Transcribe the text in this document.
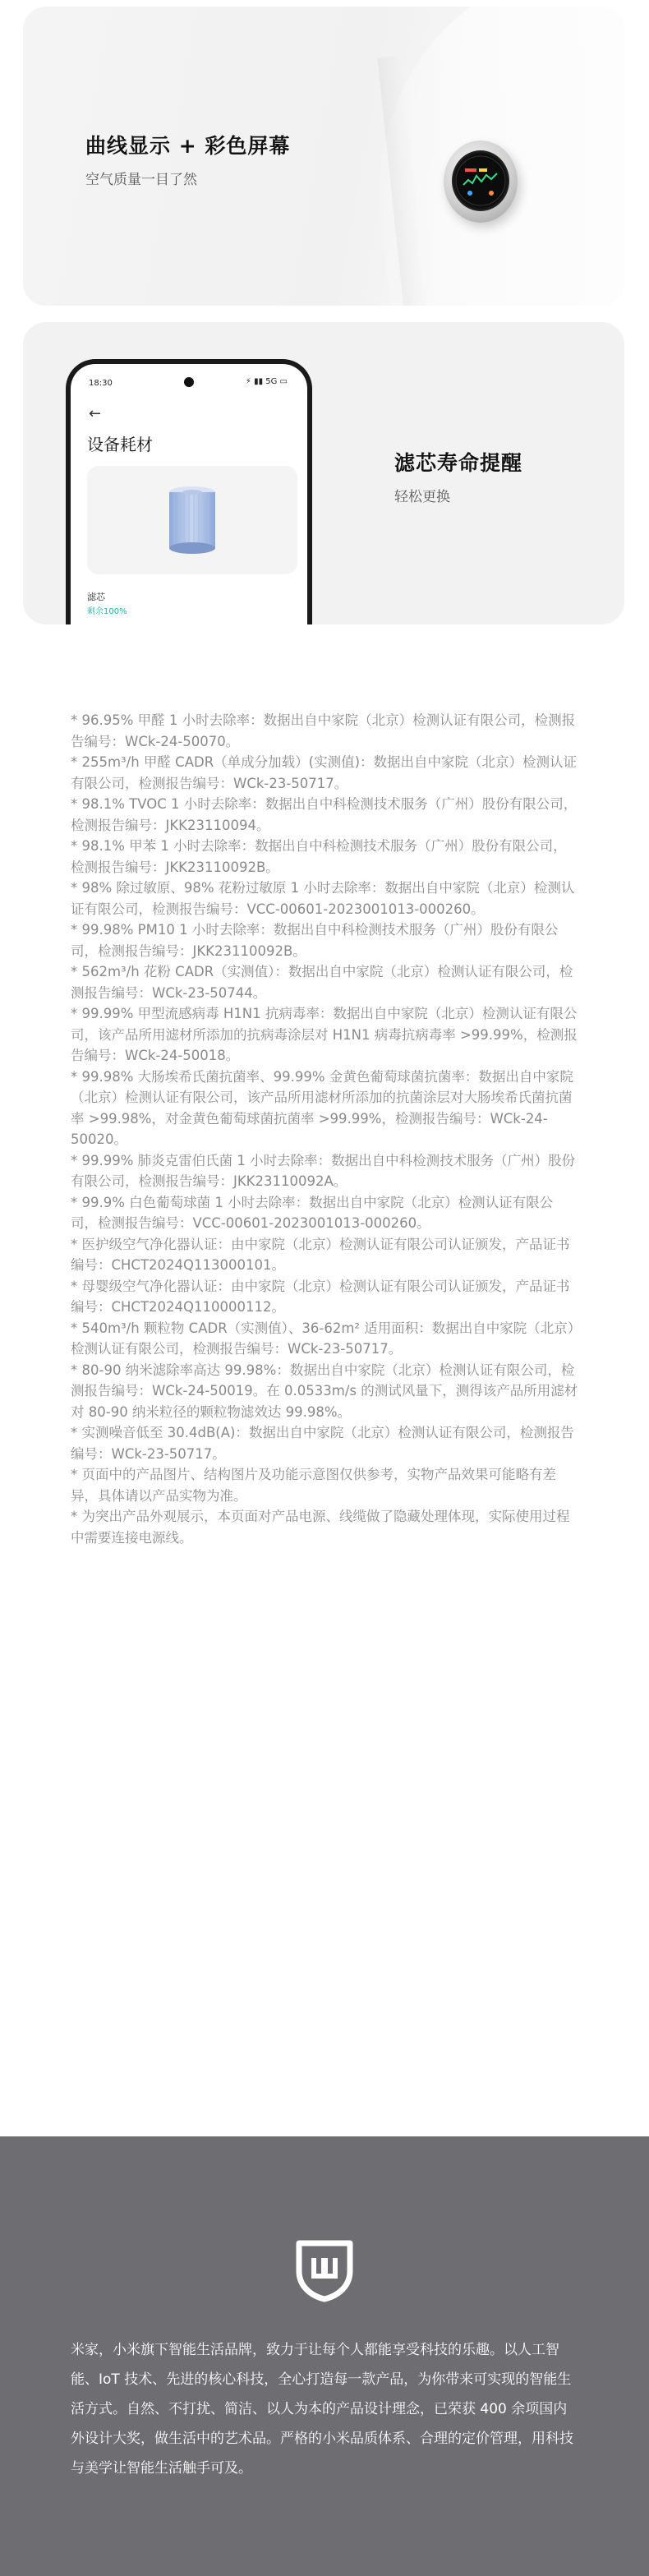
曲线显示 + 彩色屏幕
空气质量一目了然
18:30	⚡ ▮▮ 5G ▭
←
设备耗材
滤芯
剩余100%
滤芯寿命提醒
轻松更换

* 96.95% 甲醛 1 小时去除率：数据出自中家院（北京）检测认证有限公司，检测报告编号：WCk-24-50070。

* 255m³/h 甲醛 CADR（单成分加载）(实测值)：数据出自中家院（北京）检测认证有限公司，检测报告编号：WCk-23-50717。

* 98.1% TVOC 1 小时去除率：数据出自中科检测技术服务（广州）股份有限公司，检测报告编号：JKK23110094。

* 98.1% 甲苯 1 小时去除率：数据出自中科检测技术服务（广州）股份有限公司，检测报告编号：JKK23110092B。

* 98% 除过敏原、98% 花粉过敏原 1 小时去除率：数据出自中家院（北京）检测认证有限公司，检测报告编号：VCC-00601-2023001013-000260。

* 99.98% PM10 1 小时去除率：数据出自中科检测技术服务（广州）股份有限公司，检测报告编号：JKK23110092B。

* 562m³/h 花粉 CADR（实测值）：数据出自中家院（北京）检测认证有限公司，检测报告编号：WCk-23-50744。

* 99.99% 甲型流感病毒 H1N1 抗病毒率：数据出自中家院（北京）检测认证有限公司，该产品所用滤材所添加的抗病毒涂层对 H1N1 病毒抗病毒率 >99.99%，检测报告编号：WCk-24-50018。

* 99.98% 大肠埃希氏菌抗菌率、99.99% 金黄色葡萄球菌抗菌率：数据出自中家院（北京）检测认证有限公司，该产品所用滤材所添加的抗菌涂层对大肠埃希氏菌抗菌率 >99.98%，对金黄色葡萄球菌抗菌率 >99.99%，检测报告编号：WCk-24-50020。

* 99.99% 肺炎克雷伯氏菌 1 小时去除率：数据出自中科检测技术服务（广州）股份有限公司，检测报告编号：JKK23110092A。

* 99.9% 白色葡萄球菌 1 小时去除率：数据出自中家院（北京）检测认证有限公司，检测报告编号：VCC-00601-2023001013-000260。

* 医护级空气净化器认证：由中家院（北京）检测认证有限公司认证颁发，产品证书编号：CHCT2024Q113000101。

* 母婴级空气净化器认证：由中家院（北京）检测认证有限公司认证颁发，产品证书编号：CHCT2024Q110000112。

* 540m³/h 颗粒物 CADR（实测值）、36-62m² 适用面积：数据出自中家院（北京）检测认证有限公司，检测报告编号：WCk-23-50717。

* 80-90 纳米滤除率高达 99.98%：数据出自中家院（北京）检测认证有限公司，检测报告编号：WCk-24-50019。在 0.0533m/s 的测试风量下，测得该产品所用滤材对 80-90 纳米粒径的颗粒物滤效达 99.98%。

* 实测噪音低至 30.4dB(A)：数据出自中家院（北京）检测认证有限公司，检测报告编号：WCk-23-50717。

* 页面中的产品图片、结构图片及功能示意图仅供参考，实物产品效果可能略有差异，具体请以产品实物为准。

* 为突出产品外观展示，本页面对产品电源、线缆做了隐藏处理体现，实际使用过程中需要连接电源线。

米家，小米旗下智能生活品牌，致力于让每个人都能享受科技的乐趣。以人工智能、IoT 技术、先进的核心科技，全心打造每一款产品，为你带来可实现的智能生活方式。自然、不打扰、简洁、以人为本的产品设计理念，已荣获 400 余项国内外设计大奖，做生活中的艺术品。严格的小米品质体系、合理的定价管理，用科技与美学让智能生活触手可及。
